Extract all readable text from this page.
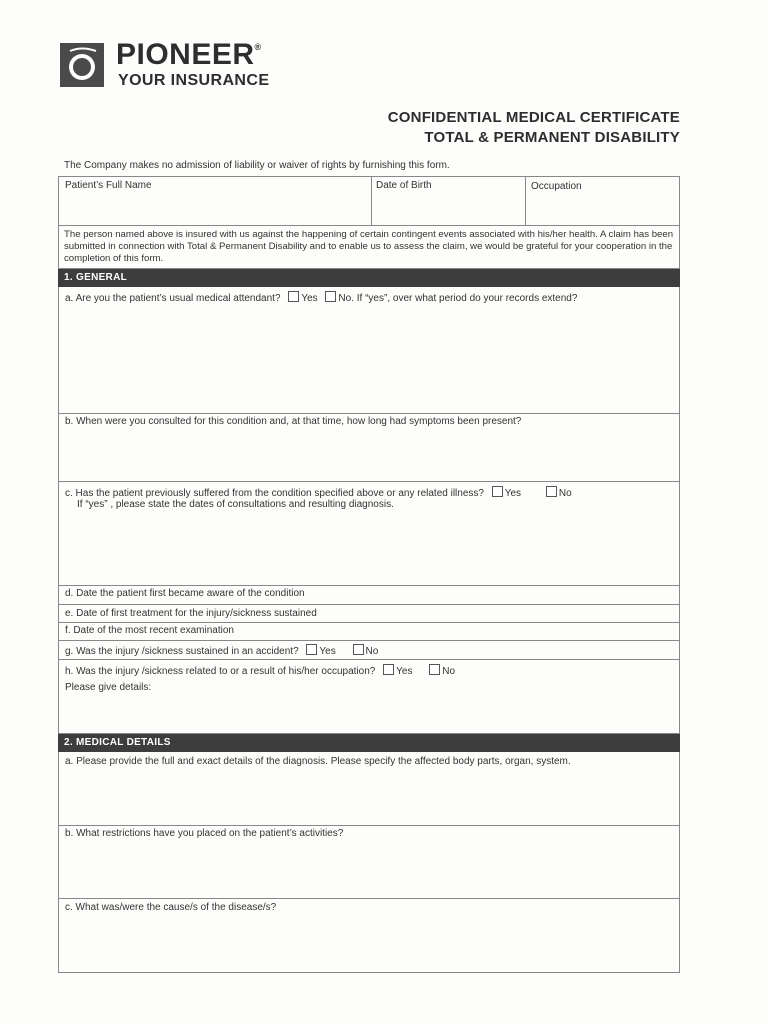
PIONEER®
YOUR INSURANCE
CONFIDENTIAL MEDICAL CERTIFICATE
TOTAL & PERMANENT DISABILITY
The Company makes no admission of liability or waiver of rights by furnishing this form.
Patient’s Full Name	Date of Birth	Occupation
The person named above is insured with us against the happening of certain contingent events associated with his/her health. A claim has been submitted in connection with Total & Permanent Disability and to enable us to assess the claim, we would be grateful for your cooperation in the completion of this form.
1. GENERAL
a. Are you the patient’s usual medical attendant? Yes No. If “yes”, over what period do your records extend?
b. When were you consulted for this condition and, at that time, how long had symptoms been present?
c. Has the patient previously suffered from the condition specified above or any related illness? Yes	No
If “yes” , please state the dates of consultations and resulting diagnosis.
d. Date the patient first became aware of the condition
e. Date of first treatment for the injury/sickness sustained
f. Date of the most recent examination
g. Was the injury /sickness sustained in an accident? Yes	No
h. Was the injury /sickness related to or a result of his/her occupation? Yes	No
Please give details:
2. MEDICAL DETAILS
a. Please provide the full and exact details of the diagnosis. Please specify the affected body parts, organ, system.
b. What restrictions have you placed on the patient’s activities?
c. What was/were the cause/s of the disease/s?
